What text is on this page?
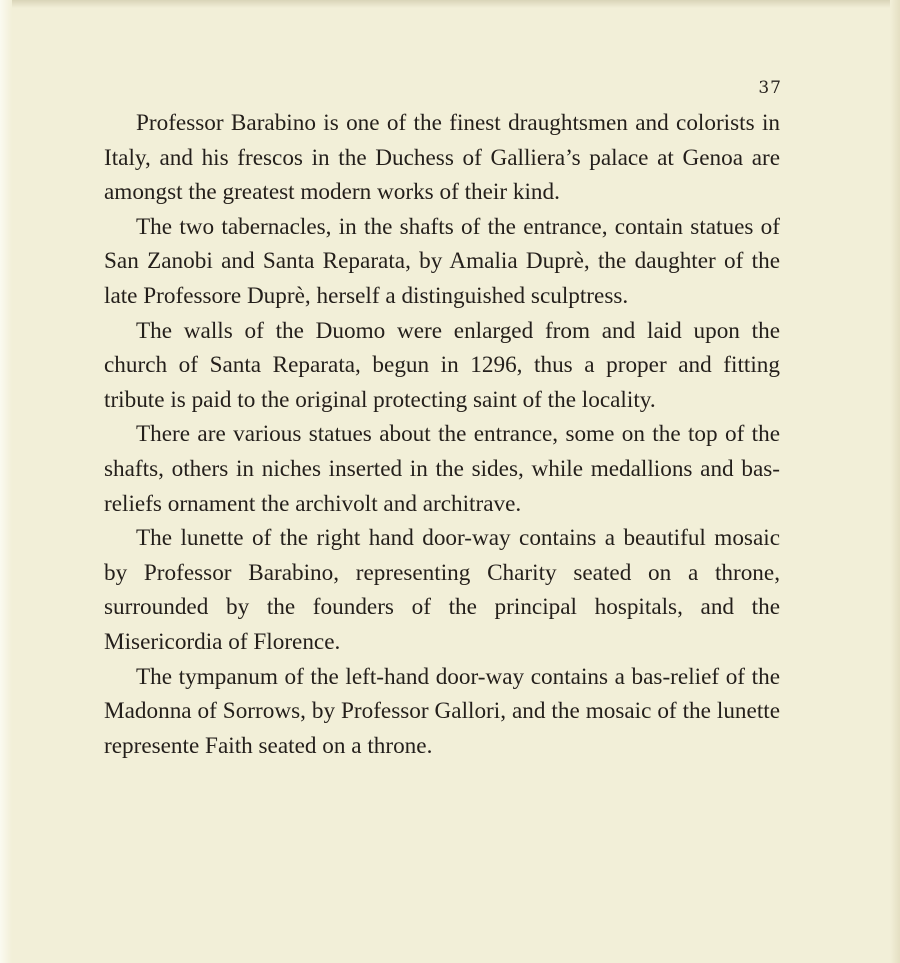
37

Professor Barabino is one of the finest draughtsmen and colorists in Italy, and his frescos in the Duchess of Galliera’s palace at Genoa are amongst the greatest modern works of their kind.

The two tabernacles, in the shafts of the entrance, contain statues of San Zanobi and Santa Reparata, by Amalia Duprè, the daughter of the late Professore Duprè, herself a distinguished sculptress.

The walls of the Duomo were enlarged from and laid upon the church of Santa Reparata, begun in 1296, thus a proper and fitting tribute is paid to the original protecting saint of the locality.

There are various statues about the entrance, some on the top of the shafts, others in niches inserted in the sides, while medallions and bas-reliefs ornament the archivolt and architrave.

The lunette of the right hand door-way contains a beautiful mosaic by Professor Barabino, representing Charity seated on a throne, surrounded by the founders of the principal hospitals, and the Misericordia of Florence.

The tympanum of the left-hand door-way contains a bas-relief of the Madonna of Sorrows, by Professor Gallori, and the mosaic of the lunette represente Faith seated on a throne.
